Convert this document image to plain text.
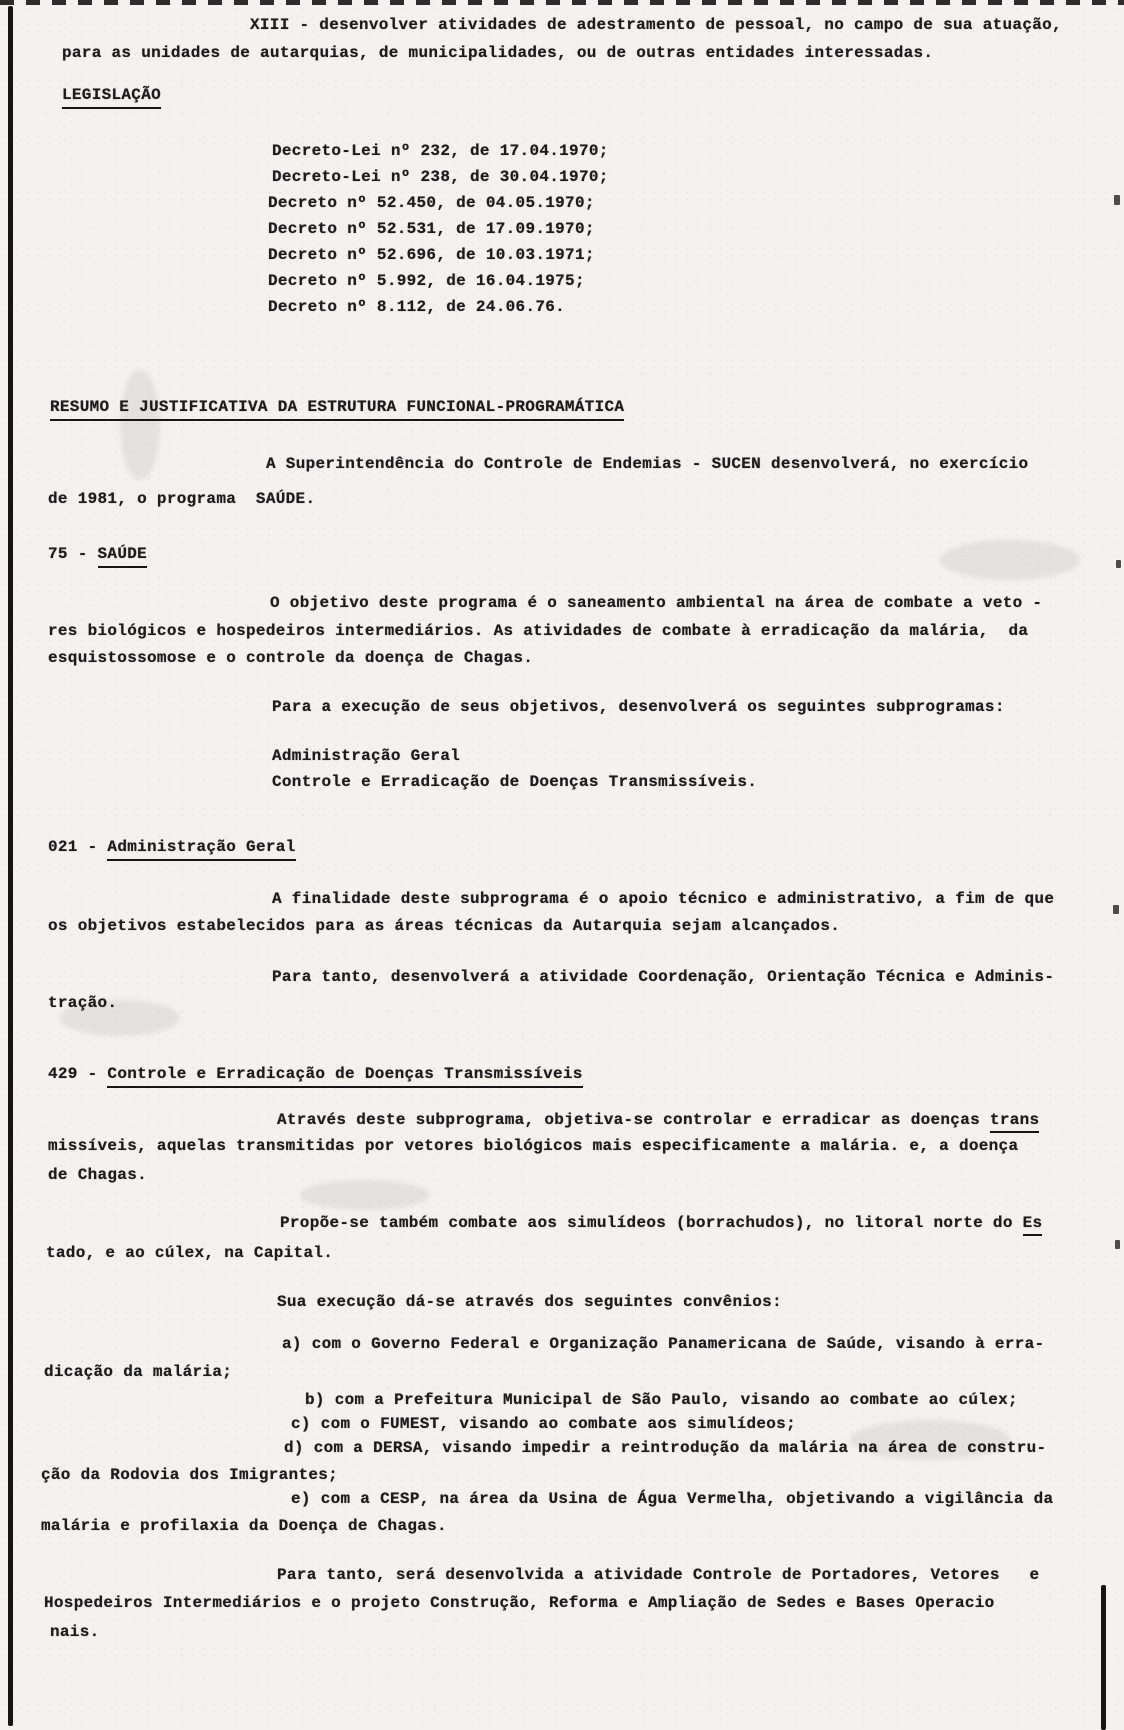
XIII - desenvolver atividades de adestramento de pessoal, no campo de sua atuação,
para as unidades de autarquias, de municipalidades, ou de outras entidades interessadas.
LEGISLAÇÃO
Decreto-Lei nº 232, de 17.04.1970;
Decreto-Lei nº 238, de 30.04.1970;
Decreto nº 52.450, de 04.05.1970;
Decreto nº 52.531, de 17.09.1970;
Decreto nº 52.696, de 10.03.1971;
Decreto nº 5.992, de 16.04.1975;
Decreto nº 8.112, de 24.06.76.
RESUMO E JUSTIFICATIVA DA ESTRUTURA FUNCIONAL-PROGRAMÁTICA
A Superintendência do Controle de Endemias - SUCEN desenvolverá, no exercício
de 1981, o programa  SAÚDE.
75 - SAÚDE
O objetivo deste programa é o saneamento ambiental na área de combate a veto -
res biológicos e hospedeiros intermediários. As atividades de combate à erradicação da malária,  da
esquistossomose e o controle da doença de Chagas.
Para a execução de seus objetivos, desenvolverá os seguintes subprogramas:
Administração Geral
Controle e Erradicação de Doenças Transmissíveis.
021 - Administração Geral
A finalidade deste subprograma é o apoio técnico e administrativo, a fim de que
os objetivos estabelecidos para as áreas técnicas da Autarquia sejam alcançados.
Para tanto, desenvolverá a atividade Coordenação, Orientação Técnica e Adminis-
tração.
429 - Controle e Erradicação de Doenças Transmissíveis
Através deste subprograma, objetiva-se controlar e erradicar as doenças trans
missíveis, aquelas transmitidas por vetores biológicos mais especificamente a malária. e, a doença
de Chagas.
Propõe-se também combate aos simulídeos (borrachudos), no litoral norte do Es
tado, e ao cúlex, na Capital.
Sua execução dá-se através dos seguintes convênios:
a) com o Governo Federal e Organização Panamericana de Saúde, visando à erra-
dicação da malária;
b) com a Prefeitura Municipal de São Paulo, visando ao combate ao cúlex;
c) com o FUMEST, visando ao combate aos simulídeos;
d) com a DERSA, visando impedir a reintrodução da malária na área de constru-
ção da Rodovia dos Imigrantes;
e) com a CESP, na área da Usina de Água Vermelha, objetivando a vigilância da
malária e profilaxia da Doença de Chagas.
Para tanto, será desenvolvida a atividade Controle de Portadores, Vetores   e
Hospedeiros Intermediários e o projeto Construção, Reforma e Ampliação de Sedes e Bases Operacio
nais.
